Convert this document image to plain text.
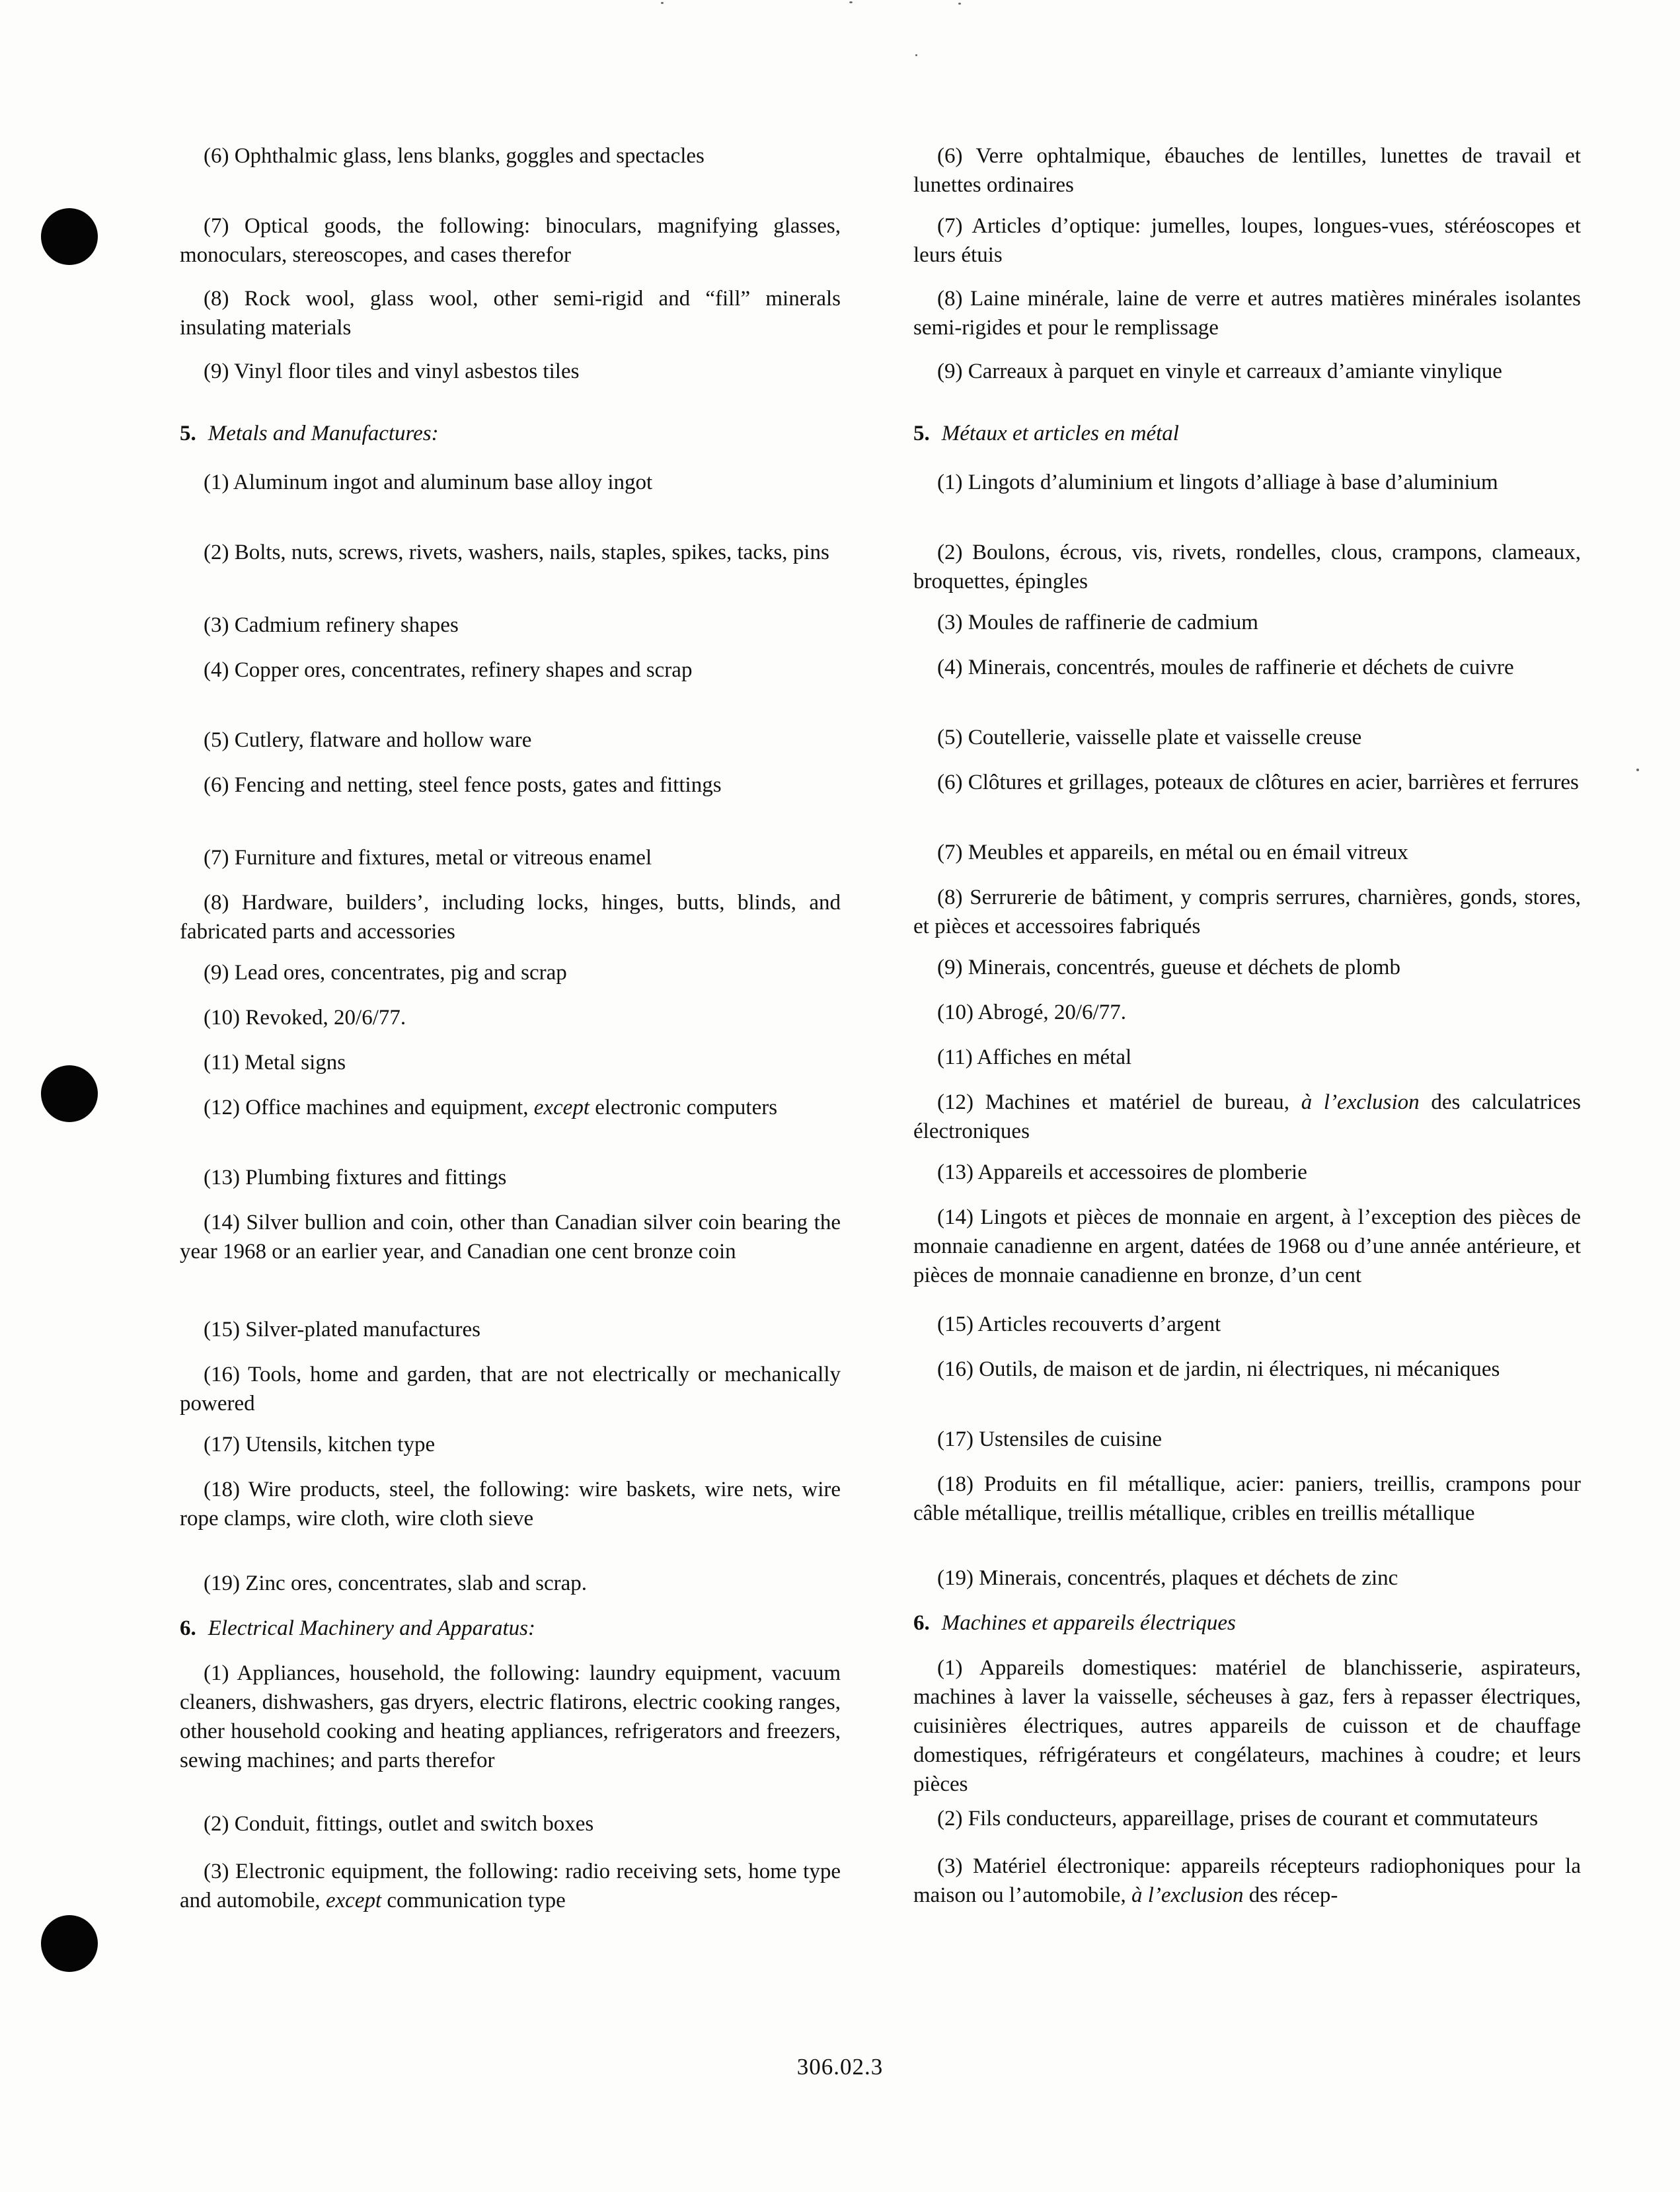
(6) Ophthalmic glass, lens blanks, goggles and spectacles

(7) Optical goods, the following: binoculars, magnifying glasses, monoculars, stereoscopes, and cases therefor

(8) Rock wool, glass wool, other semi-rigid and “fill” minerals insulating materials

(9) Vinyl floor tiles and vinyl asbestos tiles

5. Metals and Manufactures:

(1) Aluminum ingot and aluminum base alloy ingot

(2) Bolts, nuts, screws, rivets, washers, nails, staples, spikes, tacks, pins

(3) Cadmium refinery shapes

(4) Copper ores, concentrates, refinery shapes and scrap

(5) Cutlery, flatware and hollow ware

(6) Fencing and netting, steel fence posts, gates and fittings

(7) Furniture and fixtures, metal or vitreous enamel

(8) Hardware, builders’, including locks, hinges, butts, blinds, and fabricated parts and accessories

(9) Lead ores, concentrates, pig and scrap

(10) Revoked, 20/6/77.

(11) Metal signs

(12) Office machines and equipment, except electronic computers

(13) Plumbing fixtures and fittings

(14) Silver bullion and coin, other than Canadian silver coin bearing the year 1968 or an earlier year, and Canadian one cent bronze coin

(15) Silver-plated manufactures

(16) Tools, home and garden, that are not electrically or mechanically powered

(17) Utensils, kitchen type

(18) Wire products, steel, the following: wire baskets, wire nets, wire rope clamps, wire cloth, wire cloth sieve

(19) Zinc ores, concentrates, slab and scrap.

6. Electrical Machinery and Apparatus:

(1) Appliances, household, the following: laundry equipment, vacuum cleaners, dishwashers, gas dryers, electric flatirons, electric cooking ranges, other household cooking and heating appliances, refrigerators and freezers, sewing machines; and parts therefor

(2) Conduit, fittings, outlet and switch boxes

(3) Electronic equipment, the following: radio receiving sets, home type and automobile, except communication type

(6) Verre ophtalmique, ébauches de lentilles, lunettes de travail et lunettes ordinaires

(7) Articles d’optique: jumelles, loupes, longues-vues, stéréoscopes et leurs étuis

(8) Laine minérale, laine de verre et autres matières minérales isolantes semi-rigides et pour le remplissage

(9) Carreaux à parquet en vinyle et carreaux d’amiante vinylique

5. Métaux et articles en métal

(1) Lingots d’aluminium et lingots d’alliage à base d’aluminium

(2) Boulons, écrous, vis, rivets, rondelles, clous, crampons, clameaux, broquettes, épingles

(3) Moules de raffinerie de cadmium

(4) Minerais, concentrés, moules de raffinerie et déchets de cuivre

(5) Coutellerie, vaisselle plate et vaisselle creuse

(6) Clôtures et grillages, poteaux de clôtures en acier, barrières et ferrures

(7) Meubles et appareils, en métal ou en émail vitreux

(8) Serrurerie de bâtiment, y compris serrures, charnières, gonds, stores, et pièces et accessoires fabriqués

(9) Minerais, concentrés, gueuse et déchets de plomb

(10) Abrogé, 20/6/77.

(11) Affiches en métal

(12) Machines et matériel de bureau, à l’exclusion des calculatrices électroniques

(13) Appareils et accessoires de plomberie

(14) Lingots et pièces de monnaie en argent, à l’exception des pièces de monnaie canadienne en argent, datées de 1968 ou d’une année antérieure, et pièces de monnaie canadienne en bronze, d’un cent

(15) Articles recouverts d’argent

(16) Outils, de maison et de jardin, ni électriques, ni mécaniques

(17) Ustensiles de cuisine

(18) Produits en fil métallique, acier: paniers, treillis, crampons pour câble métallique, treillis métallique, cribles en treillis métallique

(19) Minerais, concentrés, plaques et déchets de zinc

6. Machines et appareils électriques

(1) Appareils domestiques: matériel de blanchisserie, aspirateurs, machines à laver la vaisselle, sécheuses à gaz, fers à repasser électriques, cuisinières électriques, autres appareils de cuisson et de chauffage domestiques, réfrigérateurs et congélateurs, machines à coudre; et leurs pièces

(2) Fils conducteurs, appareillage, prises de courant et commutateurs

(3) Matériel électronique: appareils récepteurs radiophoniques pour la maison ou l’automobile, à l’exclusion des récep-

306.02.3
